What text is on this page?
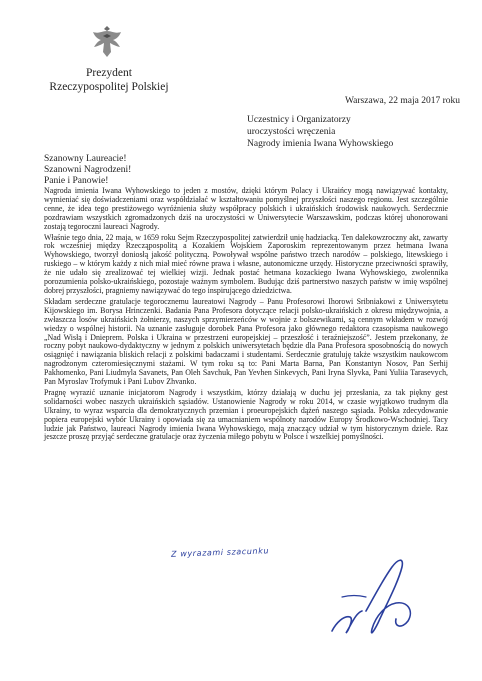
Prezydent
Rzeczypospolitej Polskiej
Warszawa, 22 maja 2017 roku
Uczestnicy i Organizatorzy
uroczystości wręczenia
Nagrody imienia Iwana Wyhowskiego
Szanowny Laureacie!
Szanowni Nagrodzeni!
Panie i Panowie!

Nagroda imienia Iwana Wyhowskiego to jeden z mostów, dzięki którym Polacy i Ukraińcy mogą nawiązywać kontakty, wymieniać się doświadczeniami oraz współdziałać w kształtowaniu pomyślnej przyszłości naszego regionu. Jest szczególnie cenne, że idea tego prestiżowego wyróżnienia służy współpracy polskich i ukraińskich środowisk naukowych. Serdecznie pozdrawiam wszystkich zgromadzonych dziś na uroczystości w Uniwersytecie Warszawskim, podczas której uhonorowani zostają tegoroczni laureaci Nagrody.

Właśnie tego dnia, 22 maja, w 1659 roku Sejm Rzeczypospolitej zatwierdził unię hadziacką. Ten dalekowzroczny akt, zawarty rok wcześniej między Rzecząpospolitą a Kozakiem Wojskiem Zaporoskim reprezentowanym przez hetmana Iwana Wyhowskiego, tworzył doniosłą jakość polityczną. Powoływał wspólne państwo trzech narodów – polskiego, litewskiego i ruskiego – w którym każdy z nich miał mieć równe prawa i własne, autonomiczne urzędy. Historyczne przeciwności sprawiły, że nie udało się zrealizować tej wielkiej wizji. Jednak postać hetmana kozackiego Iwana Wyhowskiego, zwolennika porozumienia polsko-ukraińskiego, pozostaje ważnym symbolem. Budując dziś partnerstwo naszych państw w imię wspólnej dobrej przyszłości, pragniemy nawiązywać do tego inspirującego dziedzictwa.

Składam serdeczne gratulacje tegorocznemu laureatowi Nagrody – Panu Profesorowi Ihorowi Sribniakowi z Uniwersytetu Kijowskiego im. Borysa Hrinczenki. Badania Pana Profesora dotyczące relacji polsko-ukraińskich z okresu międzywojnia, a zwłaszcza losów ukraińskich żołnierzy, naszych sprzymierzeńców w wojnie z bolszewikami, są cennym wkładem w rozwój wiedzy o wspólnej historii. Na uznanie zasługuje dorobek Pana Profesora jako głównego redaktora czasopisma naukowego „Nad Wisłą i Dnieprem. Polska i Ukraina w przestrzeni europejskiej – przeszłość i teraźniejszość”. Jestem przekonany, że roczny pobyt naukowo-dydaktyczny w jednym z polskich uniwersytetach będzie dla Pana Profesora sposobnością do nowych osiągnięć i nawiązania bliskich relacji z polskimi badaczami i studentami. Serdecznie gratuluję także wszystkim naukowcom nagrodzonym czteromiesięcznymi stażami. W tym roku są to: Pani Marta Barna, Pan Konstantyn Nosov, Pan Serhij Pakhomenko, Pani Liudmyla Savanets, Pan Oleh Savchuk, Pan Yevhen Sinkevych, Pani Iryna Slyvka, Pani Yuliia Tarasevych, Pan Myroslav Trofymuk i Pani Lubov Zhvanko.

Pragnę wyrazić uznanie inicjatorom Nagrody i wszystkim, którzy działają w duchu jej przesłania, za tak piękny gest solidarności wobec naszych ukraińskich sąsiadów. Ustanowienie Nagrody w roku 2014, w czasie wyjątkowo trudnym dla Ukrainy, to wyraz wsparcia dla demokratycznych przemian i proeuropejskich dążeń naszego sąsiada. Polska zdecydowanie popiera europejski wybór Ukrainy i opowiada się za umacnianiem wspólnoty narodów Europy Środkowo-Wschodniej. Tacy ludzie jak Państwo, laureaci Nagrody imienia Iwana Wyhowskiego, mają znaczący udział w tym historycznym dziele. Raz jeszcze proszę przyjąć serdeczne gratulacje oraz życzenia miłego pobytu w Polsce i wszelkiej pomyślności.

Z wyrazami szacunku
